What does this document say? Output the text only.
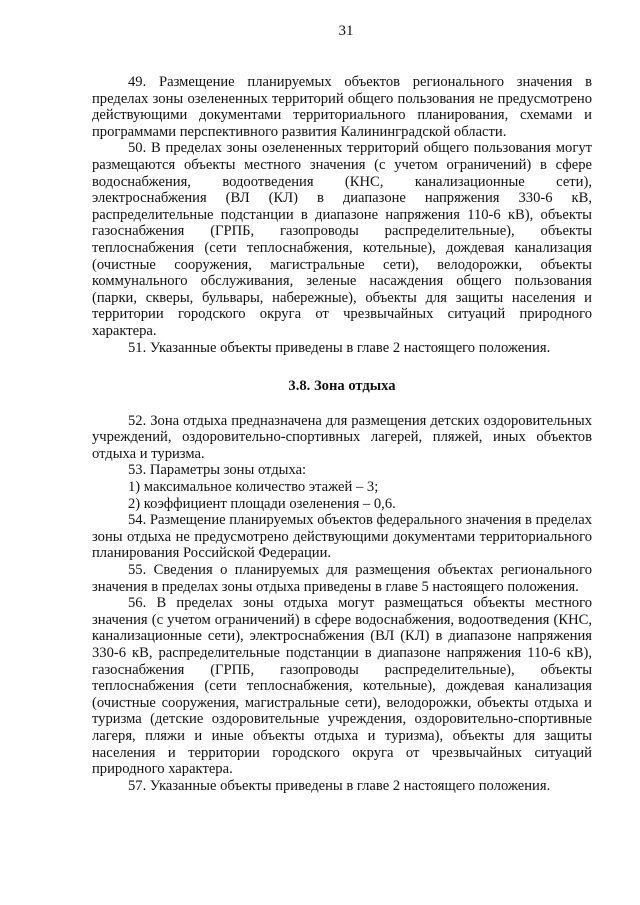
31

49. Размещение планируемых объектов регионального значения в пределах зоны озелененных территорий общего пользования не предусмотрено действующими документами территориального планирования, схемами и программами перспективного развития Калининградской области.

50. В пределах зоны озелененных территорий общего пользования могут размещаются объекты местного значения (с учетом ограничений) в сфере водоснабжения, водоотведения (КНС, канализационные сети), электроснабжения (ВЛ (КЛ) в диапазоне напряжения 330-6 кВ, распределительные подстанции в диапазоне напряжения 110-6 кВ), объекты газоснабжения (ГРПБ, газопроводы распределительные), объекты теплоснабжения (сети теплоснабжения, котельные), дождевая канализация (очистные сооружения, магистральные сети), велодорожки, объекты коммунального обслуживания, зеленые насаждения общего пользования (парки, скверы, бульвары, набережные), объекты для защиты населения и территории городского округа от чрезвычайных ситуаций природного характера.

51. Указанные объекты приведены в главе 2 настоящего положения.

3.8. Зона отдыха

52. Зона отдыха предназначена для размещения детских оздоровительных учреждений, оздоровительно-спортивных лагерей, пляжей, иных объектов отдыха и туризма.

53. Параметры зоны отдыха:

1) максимальное количество этажей – 3;

2) коэффициент площади озеленения – 0,6.

54. Размещение планируемых объектов федерального значения в пределах зоны отдыха не предусмотрено действующими документами территориального планирования Российской Федерации.

55. Сведения о планируемых для размещения объектах регионального значения в пределах зоны отдыха приведены в главе 5 настоящего положения.

56. В пределах зоны отдыха могут размещаться объекты местного значения (с учетом ограничений) в сфере водоснабжения, водоотведения (КНС, канализационные сети), электроснабжения (ВЛ (КЛ) в диапазоне напряжения 330-6 кВ, распределительные подстанции в диапазоне напряжения 110-6 кВ), газоснабжения (ГРПБ, газопроводы распределительные), объекты теплоснабжения (сети теплоснабжения, котельные), дождевая канализация (очистные сооружения, магистральные сети), велодорожки, объекты отдыха и туризма (детские оздоровительные учреждения, оздоровительно-спортивные лагеря, пляжи и иные объекты отдыха и туризма), объекты для защиты населения и территории городского округа от чрезвычайных ситуаций природного характера.

57. Указанные объекты приведены в главе 2 настоящего положения.
